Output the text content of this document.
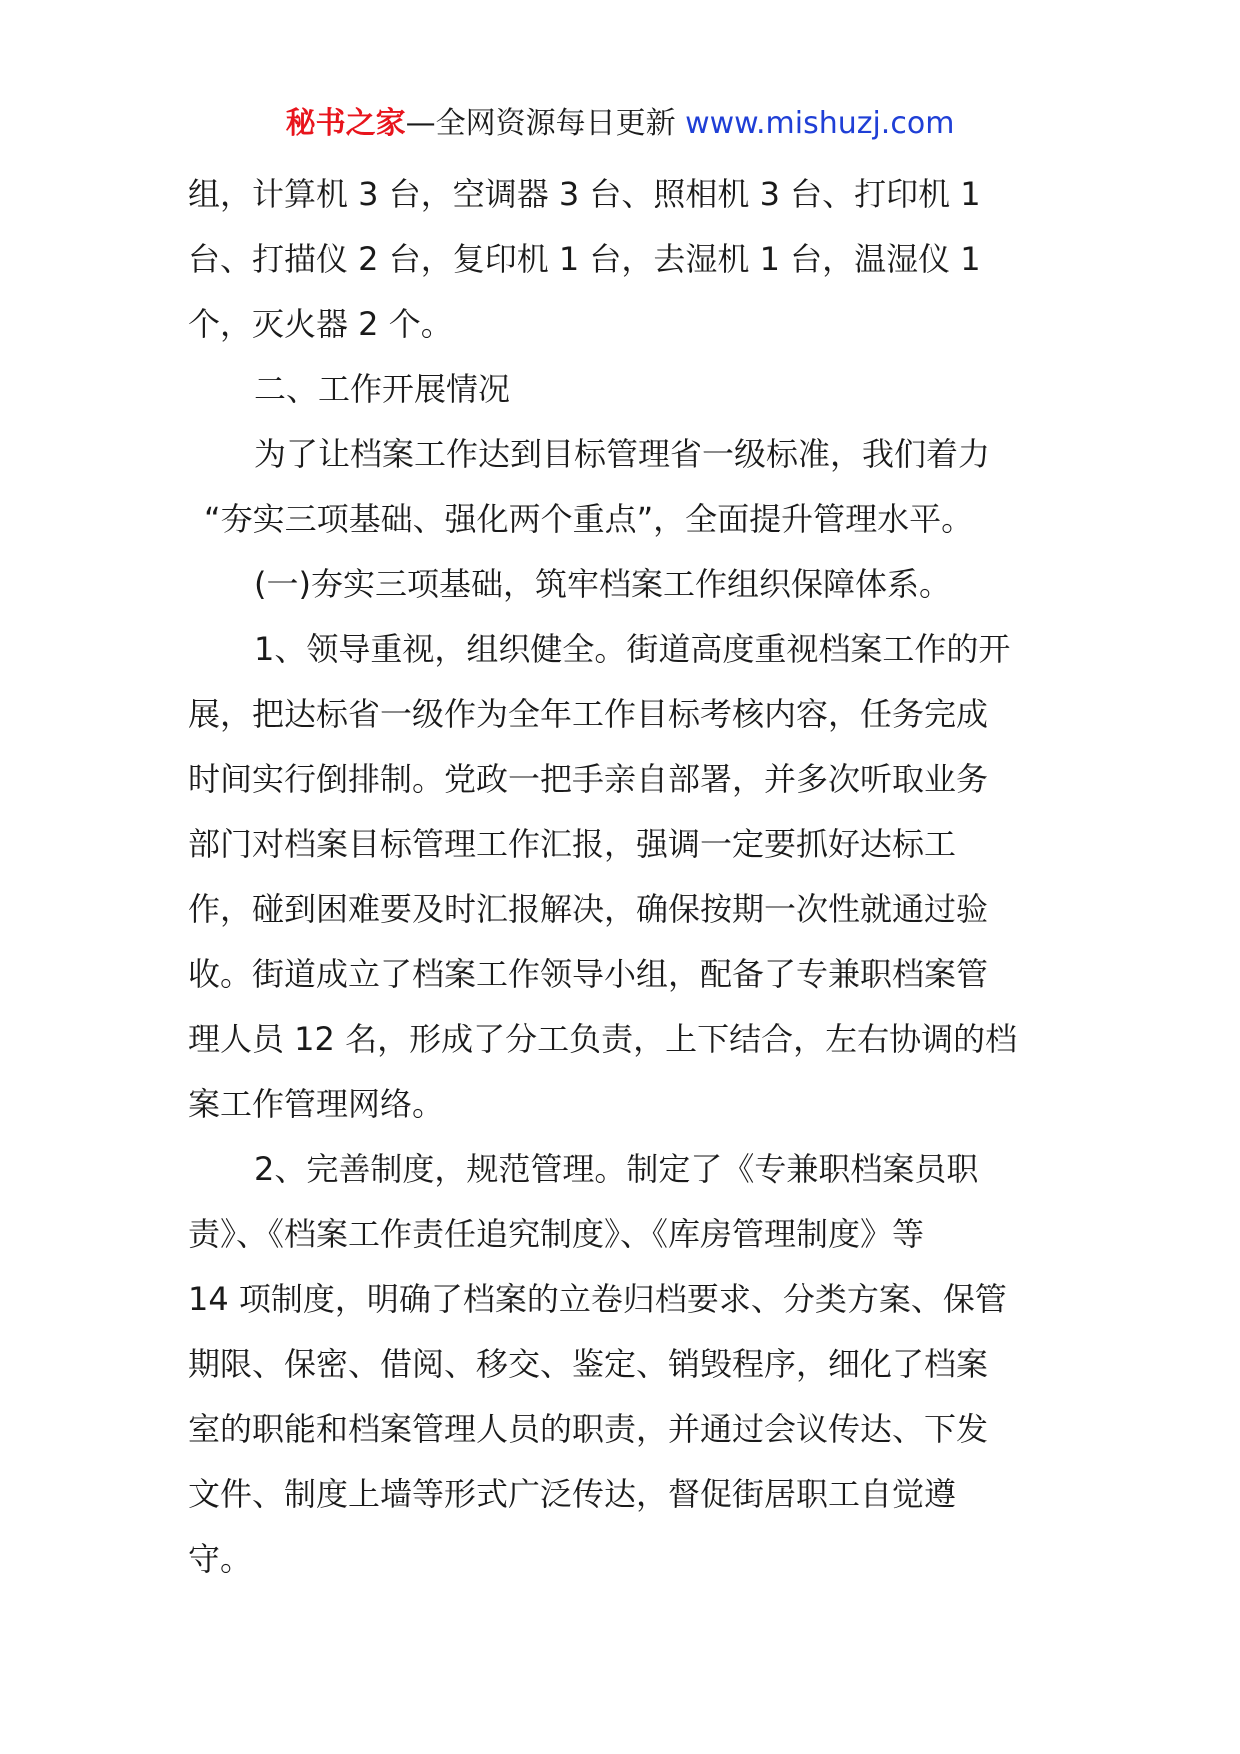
秘书之家—全网资源每日更新 www.mishuzj.com
组，计算机 3 台，空调器 3 台、照相机 3 台、打印机 1
台、打描仪 2 台，复印机 1 台，去湿机 1 台，温湿仪 1
个，灭火器 2 个。
二、工作开展情况
为了让档案工作达到目标管理省一级标准，我们着力
“夯实三项基础、强化两个重点”，全面提升管理水平。
(一)夯实三项基础，筑牢档案工作组织保障体系。
1、领导重视，组织健全。街道高度重视档案工作的开
展，把达标省一级作为全年工作目标考核内容，任务完成
时间实行倒排制。党政一把手亲自部署，并多次听取业务
部门对档案目标管理工作汇报，强调一定要抓好达标工
作，碰到困难要及时汇报解决，确保按期一次性就通过验
收。街道成立了档案工作领导小组，配备了专兼职档案管
理人员 12 名，形成了分工负责，上下结合，左右协调的档
案工作管理网络。
2、完善制度，规范管理。制定了《专兼职档案员职
责》、《档案工作责任追究制度》、《库房管理制度》等
14 项制度，明确了档案的立卷归档要求、分类方案、保管
期限、保密、借阅、移交、鉴定、销毁程序，细化了档案
室的职能和档案管理人员的职责，并通过会议传达、下发
文件、制度上墙等形式广泛传达，督促街居职工自觉遵
守。
